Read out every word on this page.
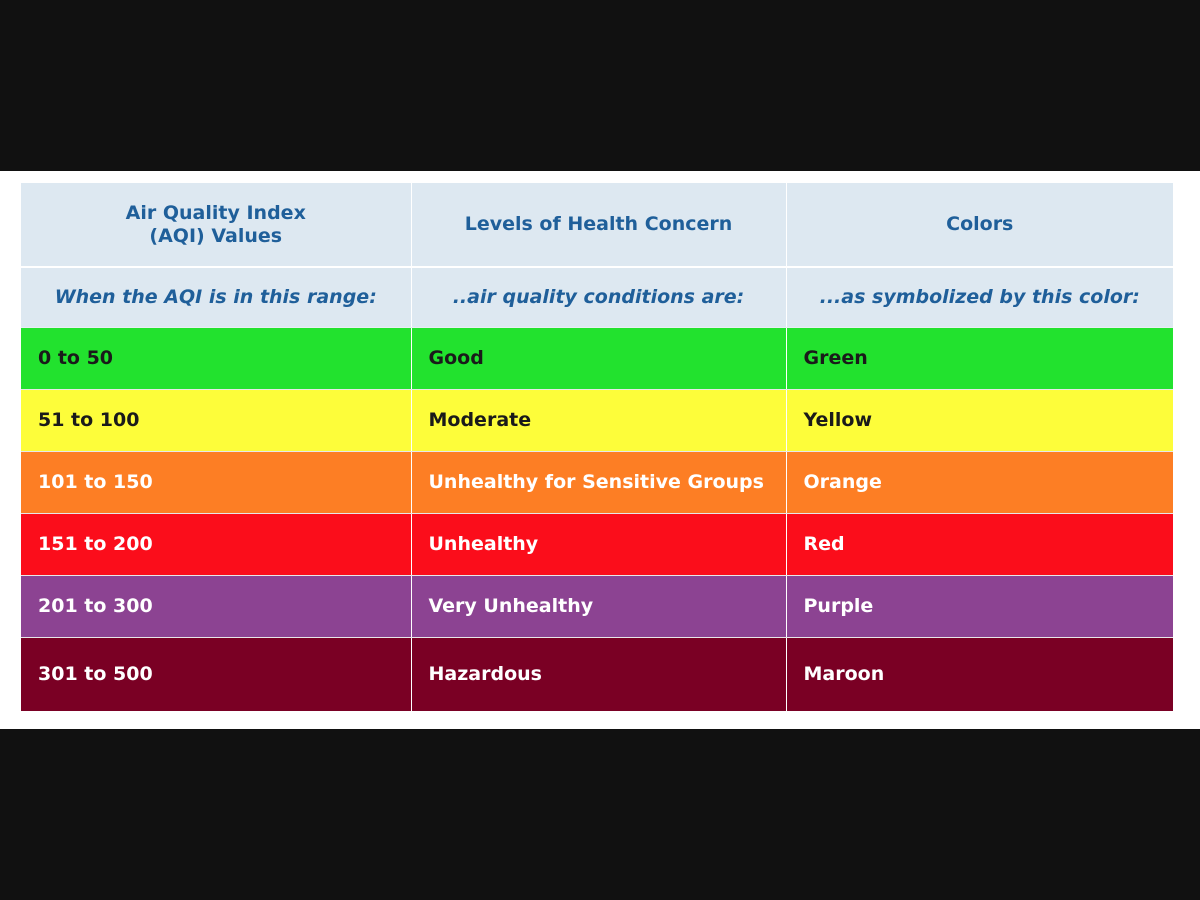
Air Quality Index (AQI) Values	Levels of Health Concern	Colors
When the AQI is in this range:	..air quality conditions are:	...as symbolized by this color:
0 to 50	Good	Green
51 to 100	Moderate	Yellow
101 to 150	Unhealthy for Sensitive Groups	Orange
151 to 200	Unhealthy	Red
201 to 300	Very Unhealthy	Purple
301 to 500	Hazardous	Maroon
